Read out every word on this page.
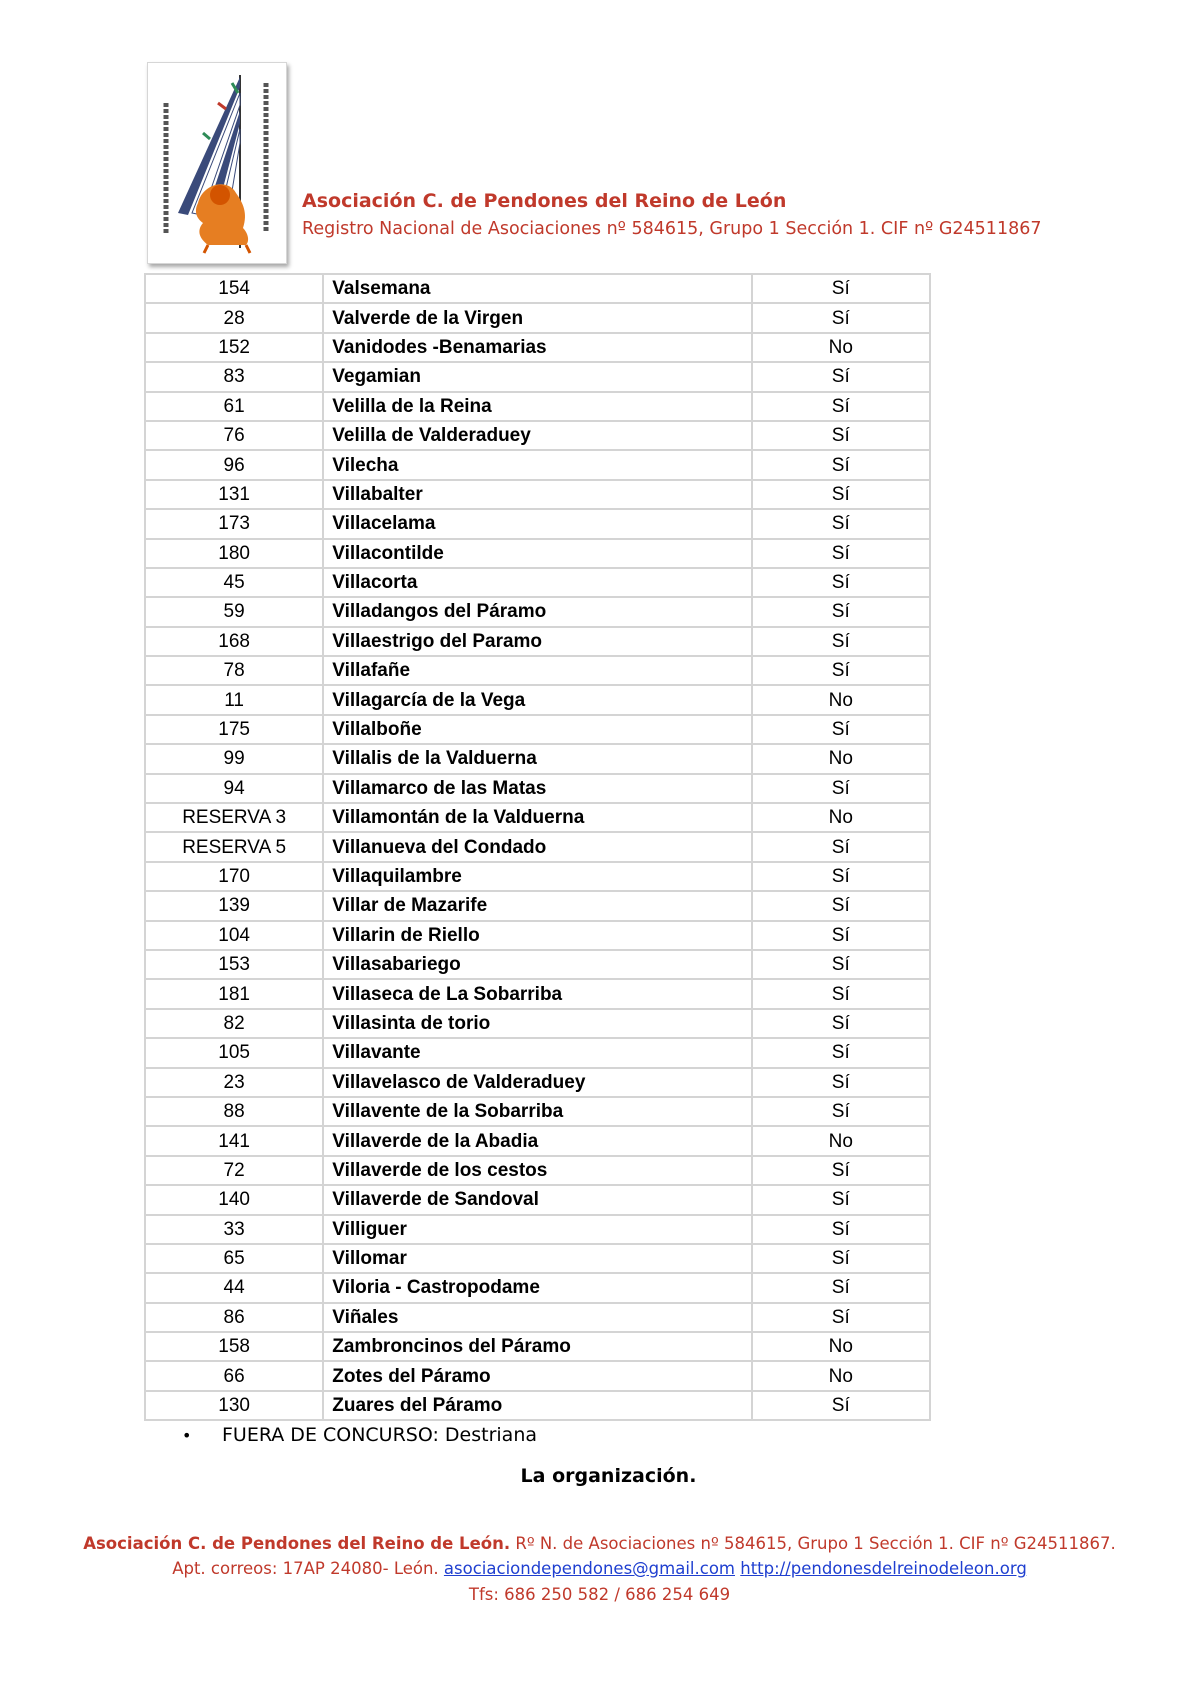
Asociación C. de Pendones del Reino de León
Registro Nacional de Asociaciones nº 584615, Grupo 1 Sección 1. CIF nº G24511867
154	Valsemana	Sí
28	Valverde de la Virgen	Sí
152	Vanidodes -Benamarias	No
83	Vegamian	Sí
61	Velilla de la Reina	Sí
76	Velilla de Valderaduey	Sí
96	Vilecha	Sí
131	Villabalter	Sí
173	Villacelama	Sí
180	Villacontilde	Sí
45	Villacorta	Sí
59	Villadangos del Páramo	Sí
168	Villaestrigo del Paramo	Sí
78	Villafañe	Sí
11	Villagarcía de la Vega	No
175	Villalboñe	Sí
99	Villalis de la Valduerna	No
94	Villamarco de las Matas	Sí
RESERVA 3	Villamontán de la Valduerna	No
RESERVA 5	Villanueva del Condado	Sí
170	Villaquilambre	Sí
139	Villar de Mazarife	Sí
104	Villarin de Riello	Sí
153	Villasabariego	Sí
181	Villaseca de La Sobarriba	Sí
82	Villasinta de torio	Sí
105	Villavante	Sí
23	Villavelasco de Valderaduey	Sí
88	Villavente de la Sobarriba	Sí
141	Villaverde de la Abadia	No
72	Villaverde de los cestos	Sí
140	Villaverde de Sandoval	Sí
33	Villiguer	Sí
65	Villomar	Sí
44	Viloria - Castropodame	Sí
86	Viñales	Sí
158	Zambroncinos del Páramo	No
66	Zotes del Páramo	No
130	Zuares del Páramo	Sí
• FUERA DE CONCURSO: Destriana
La organización.
Asociación C. de Pendones del Reino de León. Rº N. de Asociaciones nº 584615, Grupo 1 Sección 1. CIF nº G24511867.
Apt. correos: 17AP 24080- León. asociaciondependones@gmail.com http://pendonesdelreinodeleon.org
Tfs: 686 250 582 / 686 254 649
